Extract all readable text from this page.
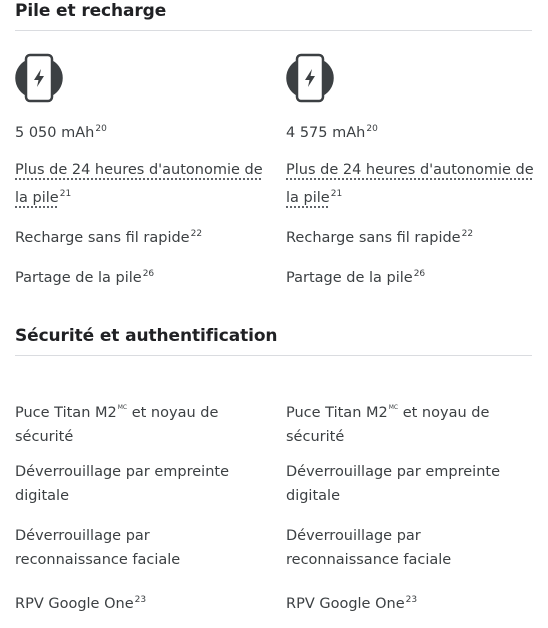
Pile et recharge
5 050 mAh$^{20}$
Plus de 24 heures d'autonomie de la pile$^{21}$
Recharge sans fil rapide$^{22}$
Partage de la pile$^{26}$
4 575 mAh$^{20}$
Plus de 24 heures d'autonomie de la pile$^{21}$
Recharge sans fil rapide$^{22}$
Partage de la pile$^{26}$
Sécurité et authentification
Puce Titan $M2^{MC}$ et noyau de sécurité
Déverrouillage par empreinte digitale
Déverrouillage par reconnaissance faciale
RPV Google One$^{23}$
Puce Titan $M2^{MC}$ et noyau de sécurité
Déverrouillage par empreinte digitale
Déverrouillage par reconnaissance faciale
RPV Google One$^{23}$
